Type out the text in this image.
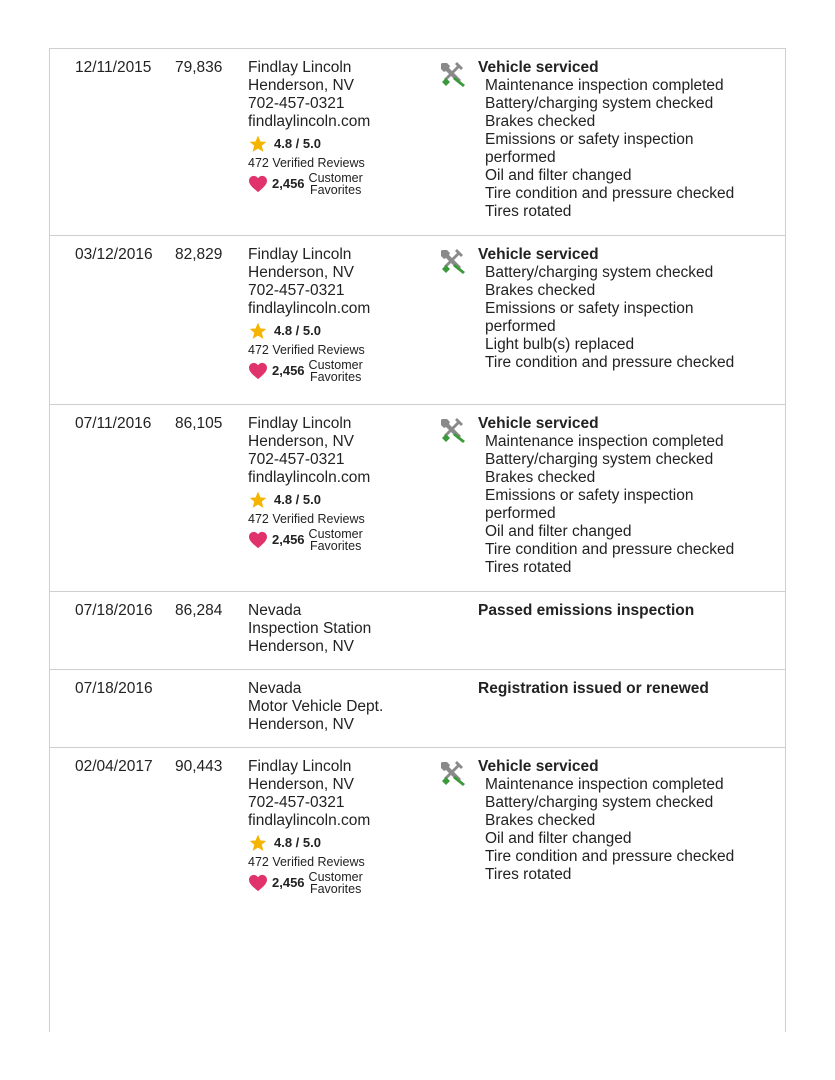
12/11/2015 79,836 Findlay Lincoln
Henderson, NV
702-457-0321
findlaylincoln.com
4.8 / 5.0
472 Verified Reviews
2,456 Customer
Favorites
Vehicle serviced
Maintenance inspection completed
Battery/charging system checked
Brakes checked
Emissions or safety inspection
performed
Oil and filter changed
Tire condition and pressure checked
Tires rotated
03/12/2016 82,829 Findlay Lincoln
Henderson, NV
702-457-0321
findlaylincoln.com
4.8 / 5.0
472 Verified Reviews
2,456 Customer
Favorites
Vehicle serviced
Battery/charging system checked
Brakes checked
Emissions or safety inspection
performed
Light bulb(s) replaced
Tire condition and pressure checked
07/11/2016 86,105 Findlay Lincoln
Henderson, NV
702-457-0321
findlaylincoln.com
4.8 / 5.0
472 Verified Reviews
2,456 Customer
Favorites
Vehicle serviced
Maintenance inspection completed
Battery/charging system checked
Brakes checked
Emissions or safety inspection
performed
Oil and filter changed
Tire condition and pressure checked
Tires rotated
07/18/2016 86,284 Nevada
Inspection Station
Henderson, NV
Passed emissions inspection
07/18/2016	Nevada
Motor Vehicle Dept.
Henderson, NV
Registration issued or renewed
02/04/2017 90,443 Findlay Lincoln
Henderson, NV
702-457-0321
findlaylincoln.com
4.8 / 5.0
472 Verified Reviews
2,456 Customer
Favorites
Vehicle serviced
Maintenance inspection completed
Battery/charging system checked
Brakes checked
Oil and filter changed
Tire condition and pressure checked
Tires rotated
